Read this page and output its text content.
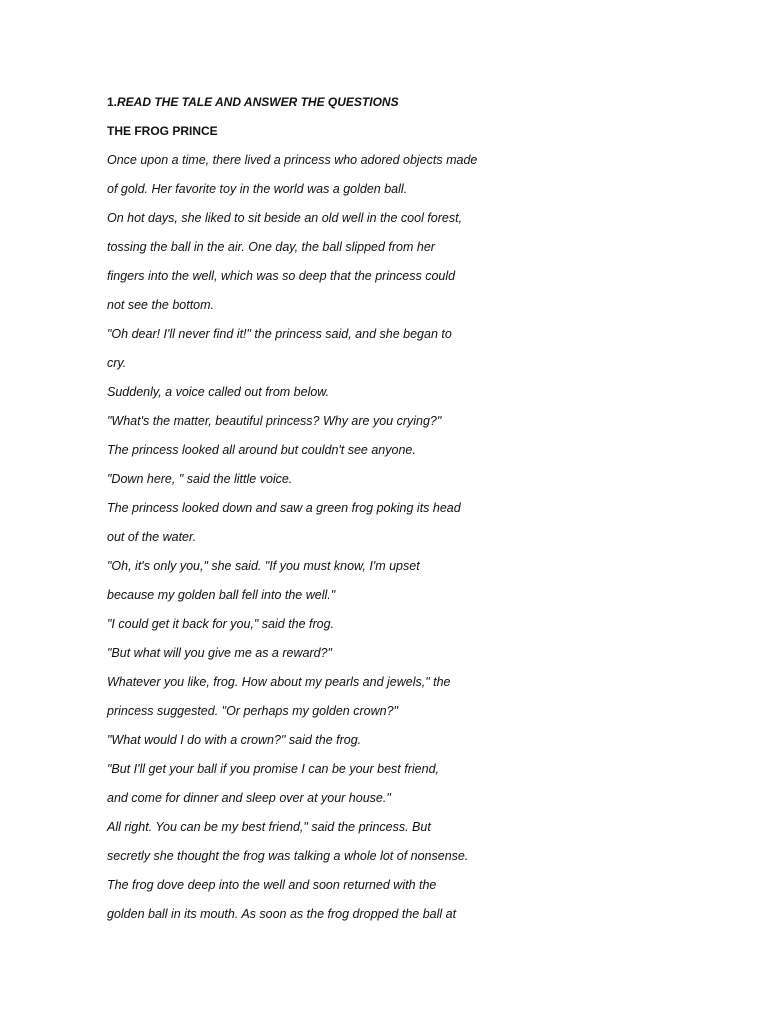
1.READ THE TALE AND ANSWER THE QUESTIONS

THE FROG PRINCE

Once upon a time, there lived a princess who adored objects made

of gold. Her favorite toy in the world was a golden ball.

On hot days, she liked to sit beside an old well in the cool forest,

tossing the ball in the air. One day, the ball slipped from her

fingers into the well, which was so deep that the princess could

not see the bottom.

"Oh dear! I'll never find it!" the princess said, and she began to

cry.

Suddenly, a voice called out from below.

"What's the matter, beautiful princess? Why are you crying?"

The princess looked all around but couldn't see anyone.

"Down here, " said the little voice.

The princess looked down and saw a green frog poking its head

out of the water.

"Oh, it's only you," she said. "If you must know, I'm upset

because my golden ball fell into the well."

"I could get it back for you," said the frog.

"But what will you give me as a reward?"

Whatever you like, frog. How about my pearls and jewels," the

princess suggested. "Or perhaps my golden crown?"

"What would I do with a crown?" said the frog.

"But I'll get your ball if you promise I can be your best friend,

and come for dinner and sleep over at your house."

All right. You can be my best friend," said the princess. But

secretly she thought the frog was talking a whole lot of nonsense.

The frog dove deep into the well and soon returned with the

golden ball in its mouth. As soon as the frog dropped the ball at
